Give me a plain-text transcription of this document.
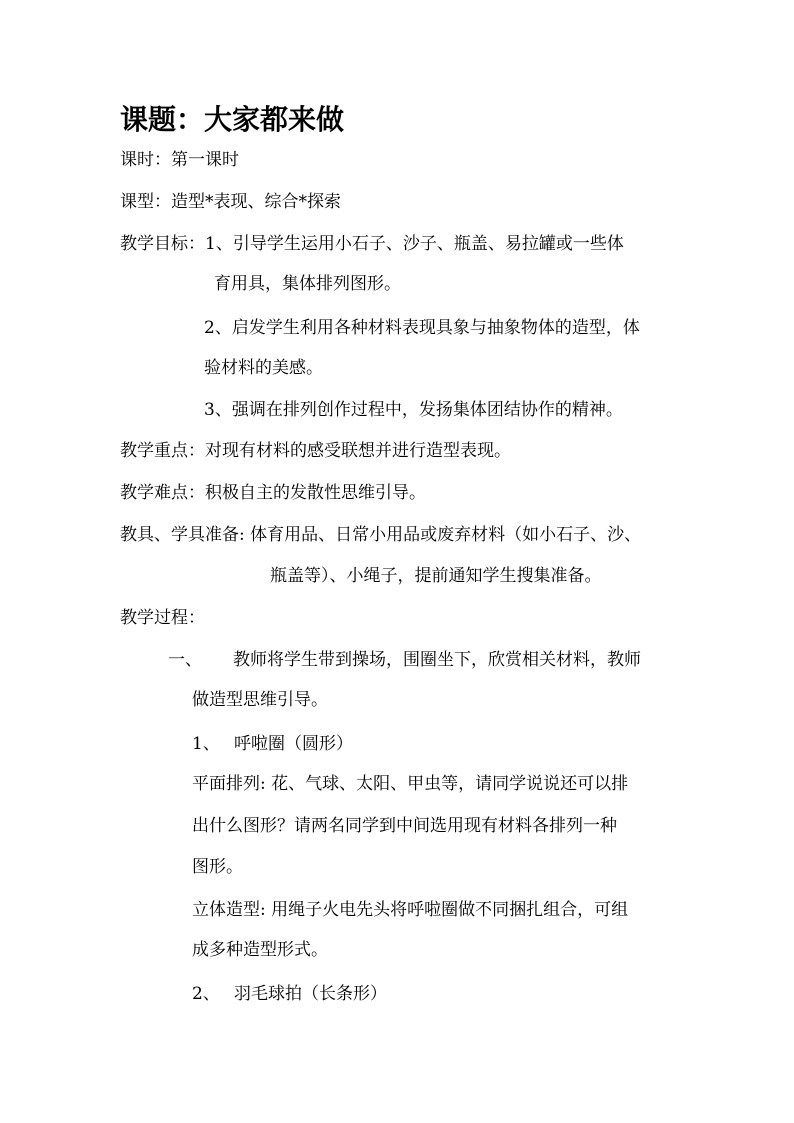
课题：大家都来做
课时：第一课时
课型：造型*表现、综合*探索
教学目标：1、引导学生运用小石子、沙子、瓶盖、易拉罐或一些体
育用具，集体排列图形。
2、启发学生利用各种材料表现具象与抽象物体的造型，体
验材料的美感。
3、强调在排列创作过程中，发扬集体团结协作的精神。
教学重点：对现有材料的感受联想并进行造型表现。
教学难点：积极自主的发散性思维引导。
教具、学具准备: 体育用品、日常小用品或废弃材料（如小石子、沙、
瓶盖等）、小绳子，提前通知学生搜集准备。
教学过程：
一、 教师将学生带到操场，围圈坐下，欣赏相关材料，教师
做造型思维引导。
1、 呼啦圈（圆形）
平面排列: 花、气球、太阳、甲虫等，请同学说说还可以排
出什么图形？请两名同学到中间选用现有材料各排列一种
图形。
立体造型: 用绳子火电先头将呼啦圈做不同捆扎组合，可组
成多种造型形式。
2、 羽毛球拍（长条形）
